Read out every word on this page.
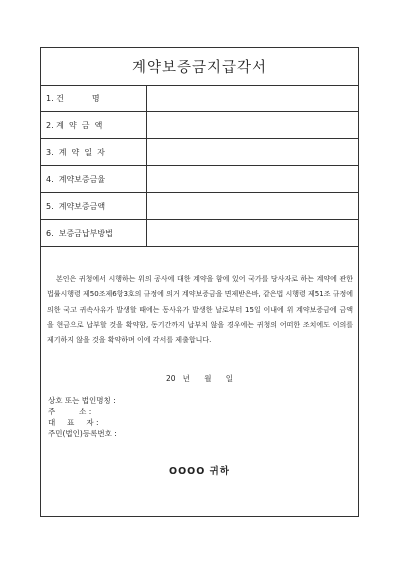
계약보증금지급각서
1. 건           명
2. 계  약  금  액
3.  계  약  일  자
4.  계약보증금율
5.  계약보증금액
6.  보증금납부방법
본인은 귀청에서 시행하는 위의 공사에 대한 계약을 함에 있어 국가를 당사자로 하는 계약에 관한 법률시행령 제50조제6항3호의 규정에 의거 계약보증금을 면제받은바, 같은법 시행령 제51조 규정에 의한 국고 귀속사유가 발생할 때에는 동사유가 발생한 날로부터 15일 이내에 위 계약보증금에 금액을 현금으로 납부할 것을 확약함, 동기간까지 납부치 않을 경우에는 귀청의 어떠한 조치에도 이의를 제기하지 않을 것을 확약하며 이에 각서를 제출합니다.
20   년      월      일
상호 또는 법인명칭 :
주          소 :
대     표     자 :
주민(법인)등록번호 :
OOOO 귀하
